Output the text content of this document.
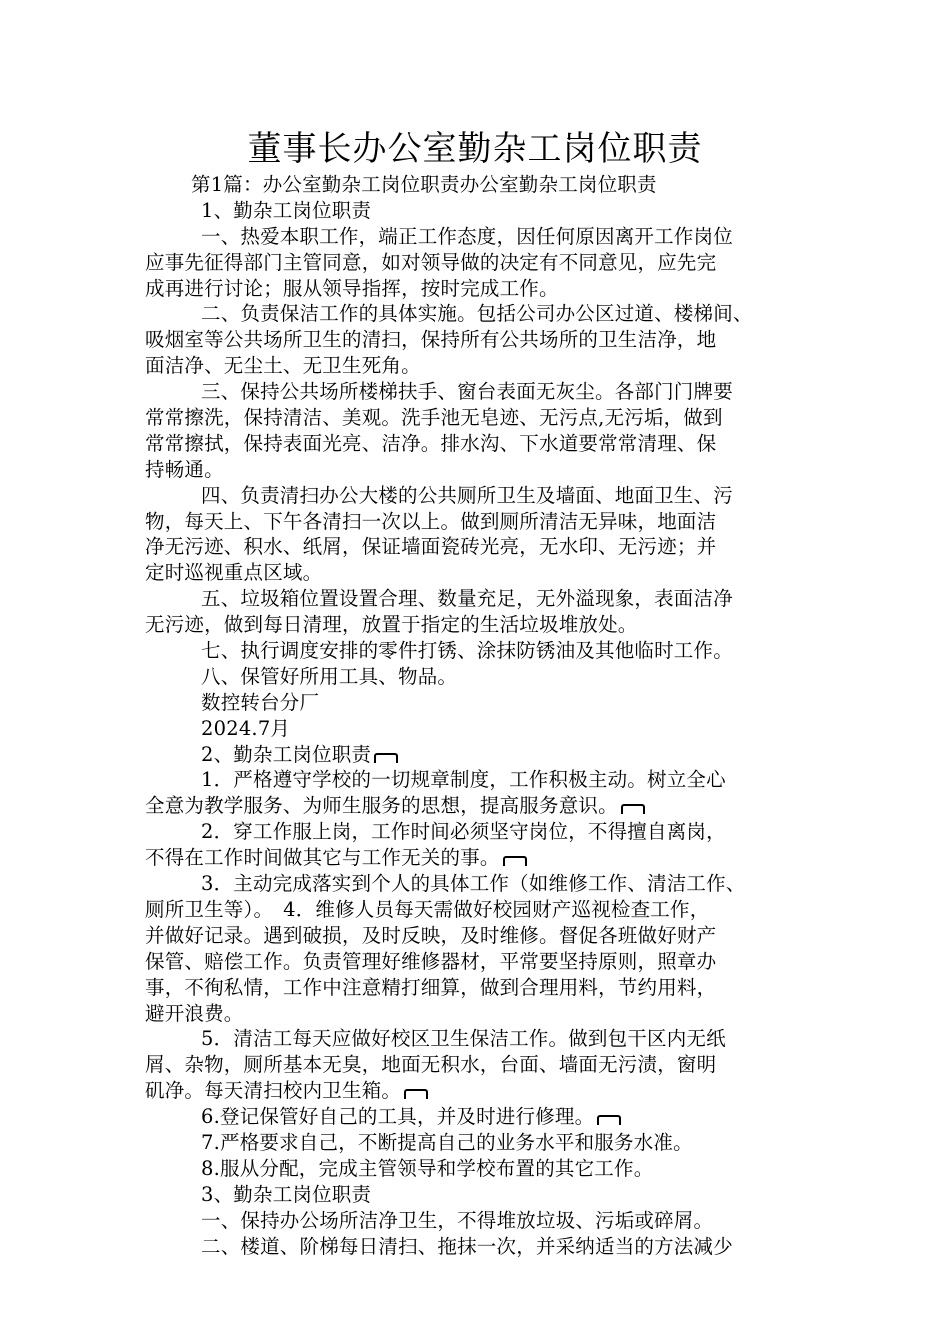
董事长办公室勤杂工岗位职责
第1篇：办公室勤杂工岗位职责办公室勤杂工岗位职责
1、勤杂工岗位职责
一、热爱本职工作，端正工作态度，因任何原因离开工作岗位
应事先征得部门主管同意，如对领导做的决定有不同意见，应先完
成再进行讨论；服从领导指挥，按时完成工作。
二、负责保洁工作的具体实施。包括公司办公区过道、楼梯间、
吸烟室等公共场所卫生的清扫，保持所有公共场所的卫生洁净，地
面洁净、无尘土、无卫生死角。
三、保持公共场所楼梯扶手、窗台表面无灰尘。各部门门牌要
常常擦洗，保持清洁、美观。洗手池无皂迹、无污点,无污垢，做到
常常擦拭，保持表面光亮、洁净。排水沟、下水道要常常清理、保
持畅通。
四、负责清扫办公大楼的公共厕所卫生及墙面、地面卫生、污
物，每天上、下午各清扫一次以上。做到厕所清洁无异味，地面洁
净无污迹、积水、纸屑，保证墙面瓷砖光亮，无水印、无污迹；并
定时巡视重点区域。
五、垃圾箱位置设置合理、数量充足，无外溢现象，表面洁净
无污迹，做到每日清理，放置于指定的生活垃圾堆放处。
七、执行调度安排的零件打锈、涂抹防锈油及其他临时工作。
八、保管好所用工具、物品。
数控转台分厂
2024.7月
2、勤杂工岗位职责
1．严格遵守学校的一切规章制度，工作积极主动。树立全心
全意为教学服务、为师生服务的思想，提高服务意识。
2．穿工作服上岗，工作时间必须坚守岗位，不得擅自离岗，
不得在工作时间做其它与工作无关的事。
3．主动完成落实到个人的具体工作（如维修工作、清洁工作、
厕所卫生等）。　4．维修人员每天需做好校园财产巡视检查工作，
并做好记录。遇到破损，及时反映，及时维修。督促各班做好财产
保管、赔偿工作。负责管理好维修器材，平常要坚持原则，照章办
事，不徇私情，工作中注意精打细算，做到合理用料，节约用料，
避开浪费。
5．清洁工每天应做好校区卫生保洁工作。做到包干区内无纸
屑、杂物，厕所基本无臭，地面无积水，台面、墙面无污渍，窗明
矶净。每天清扫校内卫生箱。
6.登记保管好自己的工具，并及时进行修理。
7.严格要求自己，不断提高自己的业务水平和服务水准。
8.服从分配，完成主管领导和学校布置的其它工作。
3、勤杂工岗位职责
一、保持办公场所洁净卫生，不得堆放垃圾、污垢或碎屑。
二、楼道、阶梯每日清扫、拖抹一次，并采纳适当的方法减少
